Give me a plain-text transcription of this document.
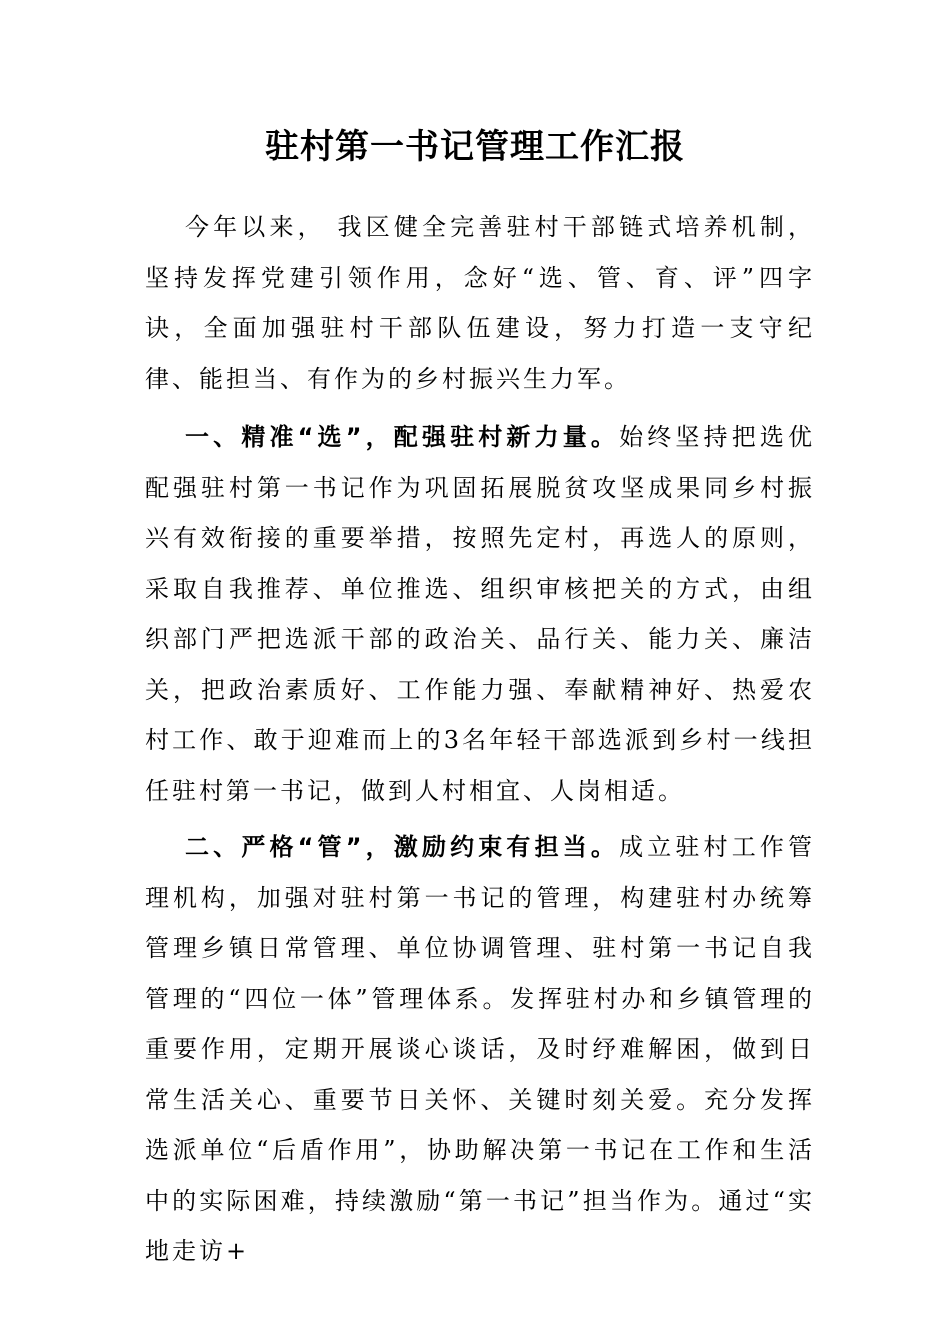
驻村第一书记管理工作汇报

今年以来， 我区健全完善驻村干部链式培养机制，坚持发挥党建引领作用，念好“选、管、育、评”四字诀，全面加强驻村干部队伍建设，努力打造一支守纪律、能担当、有作为的乡村振兴生力军。

一、精准“选”，配强驻村新力量。始终坚持把选优配强驻村第一书记作为巩固拓展脱贫攻坚成果同乡村振兴有效衔接的重要举措，按照先定村，再选人的原则，采取自我推荐、单位推选、组织审核把关的方式，由组织部门严把选派干部的政治关、品行关、能力关、廉洁关，把政治素质好、工作能力强、奉献精神好、热爱农村工作、敢于迎难而上的3名年轻干部选派到乡村一线担任驻村第一书记，做到人村相宜、人岗相适。

二、严格“管”，激励约束有担当。成立驻村工作管理机构，加强对驻村第一书记的管理，构建驻村办统筹管理乡镇日常管理、单位协调管理、驻村第一书记自我管理的“四位一体”管理体系。发挥驻村办和乡镇管理的重要作用，定期开展谈心谈话，及时纾难解困，做到日常生活关心、重要节日关怀、关键时刻关爱。充分发挥选派单位“后盾作用”，协助解决第一书记在工作和生活中的实际困难，持续激励“第一书记”担当作为。通过“实地走访+
